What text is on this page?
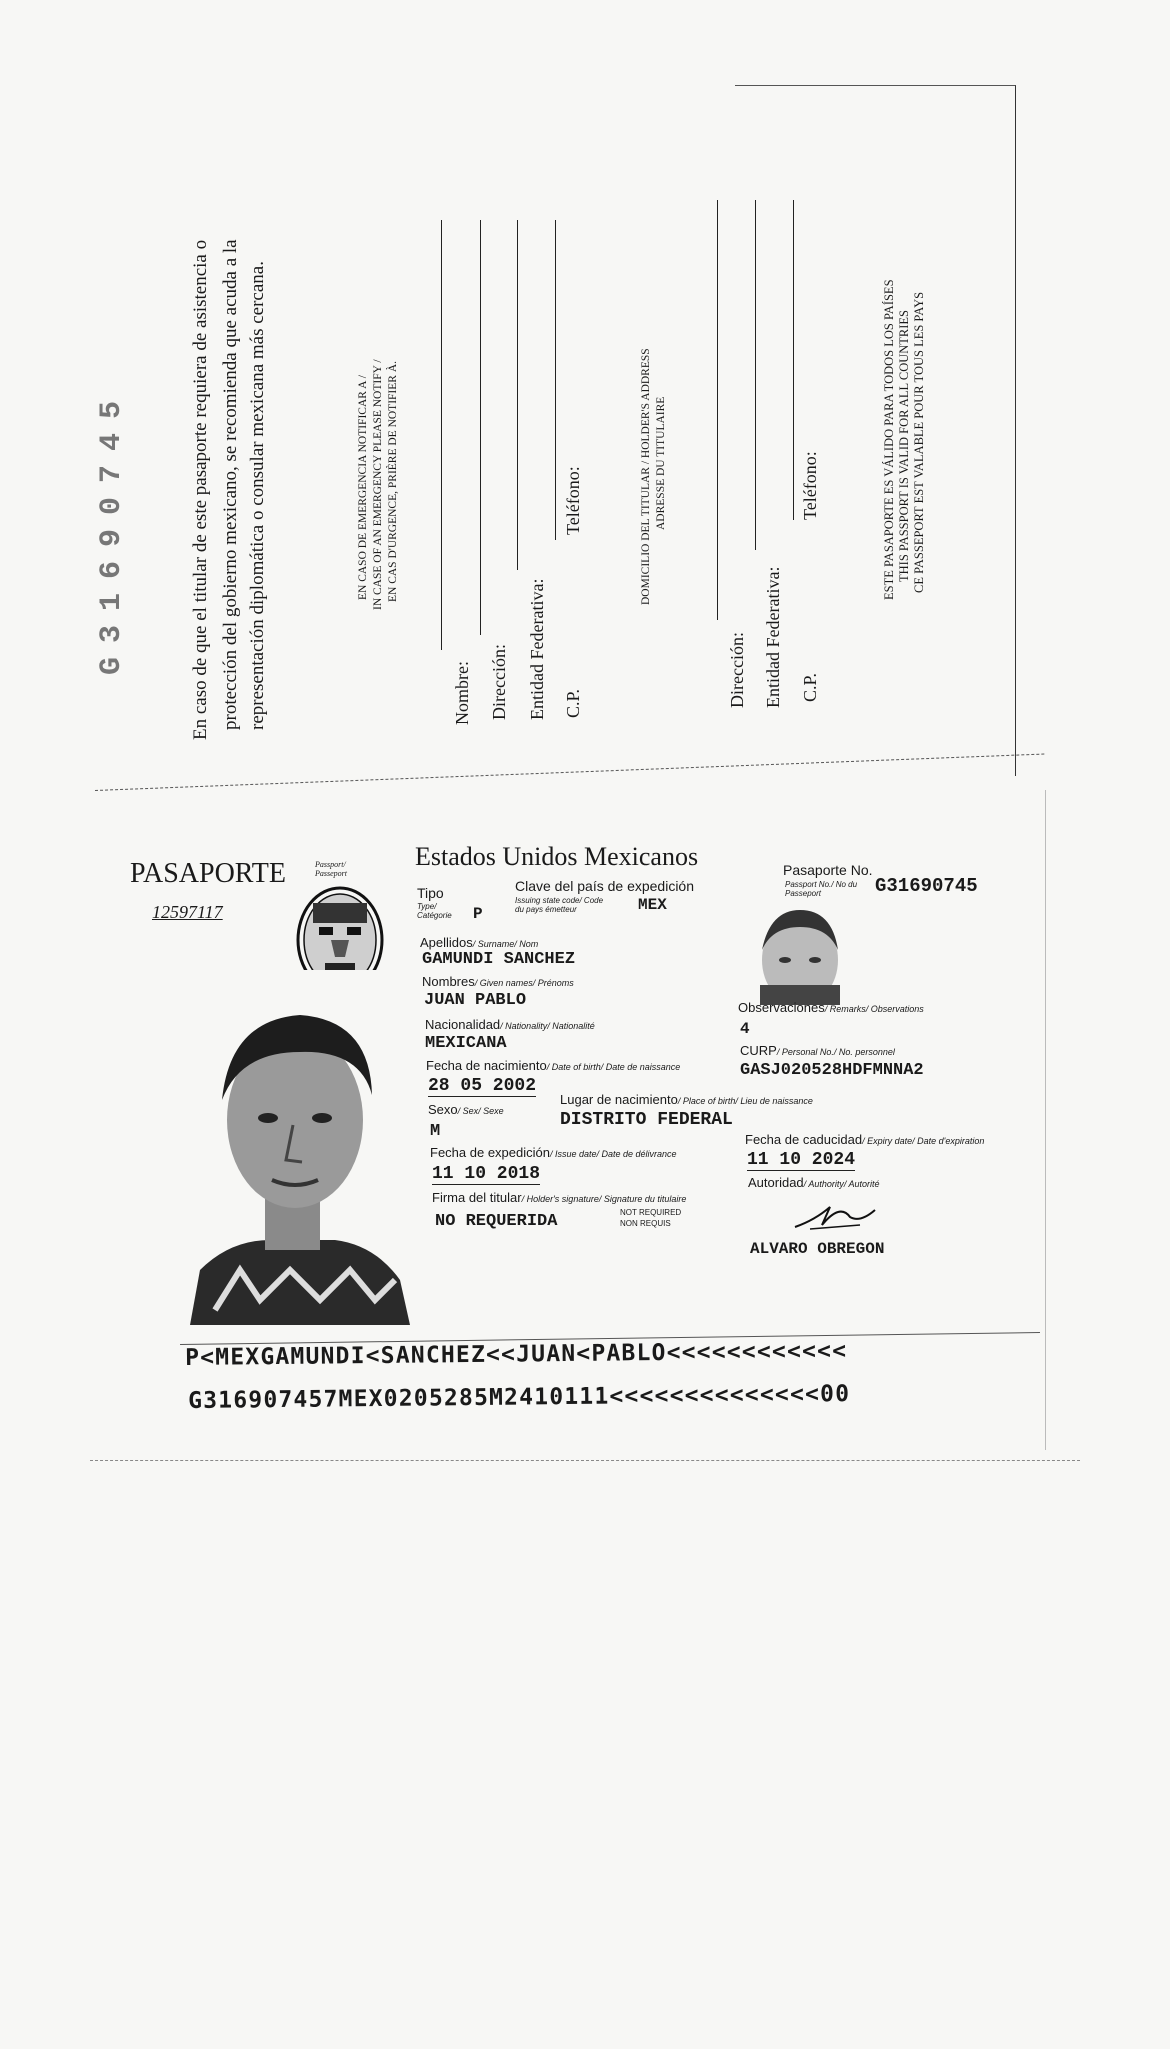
G31690745	En caso de que el titular de este pasaporte requiera de asistencia o protección del gobierno mexicano, se recomienda que acuda a la representación diplomática o consular mexicana más cercana.	EN CASO DE EMERGENCIA NOTIFICAR A / IN CASE OF AN EMERGENCY PLEASE NOTIFY / EN CAS D'URGENCE, PRIÈRE DE NOTIFIER À.
Nombre: Dirección: Entidad Federativa: C.P.
Teléfono:	DOMICILIO DEL TITULAR / HOLDER'S ADDRESS ADRESSE DU TITULAIRE
Dirección: Entidad Federativa: C.P.
Teléfono:	ESTE PASAPORTE ES VÁLIDO PARA TODOS LOS PAÍSES THIS PASSPORT IS VALID FOR ALL COUNTRIES CE PASSEPORT EST VALABLE POUR TOUS LES PAYS
PASAPORTE	Passport/ Passeport
12597117
Estados Unidos Mexicanos
Tipo
Type/ Catégorie P
Clave del país de expedición
Issuing state code/ Code du pays émetteur	MEX
Pasaporte No.
Passport No./ No du Passeport	G31690745
Apellidos/ Surname/ Nom
GAMUNDI SANCHEZ
Nombres/ Given names/ Prénoms
JUAN PABLO
Nacionalidad/ Nationality/ Nationalité
MEXICANA
Observaciones/ Remarks/ Observations
4
Fecha de nacimiento/ Date of birth/ Date de naissance
28 05 2002
CURP/ Personal No./ No. personnel
GASJ020528HDFMNNA2
Sexo/ Sex/ Sexe
M
Lugar de nacimiento/ Place of birth/ Lieu de naissance
DISTRITO FEDERAL
Fecha de expedición/ Issue date/ Date de délivrance
11 10 2018
Fecha de caducidad/ Expiry date/ Date d'expiration
11 10 2024
Firma del titular/ Holder's signature/ Signature du titulaire
NO REQUERIDA	NOT REQUIRED
NON REQUIS
Autoridad/ Authority/ Autorité
ALVARO OBREGON
P<MEXGAMUNDI<SANCHEZ<<JUAN<PABLO<<<<<<<<<<<<
G316907457MEX0205285M2410111<<<<<<<<<<<<<<00
